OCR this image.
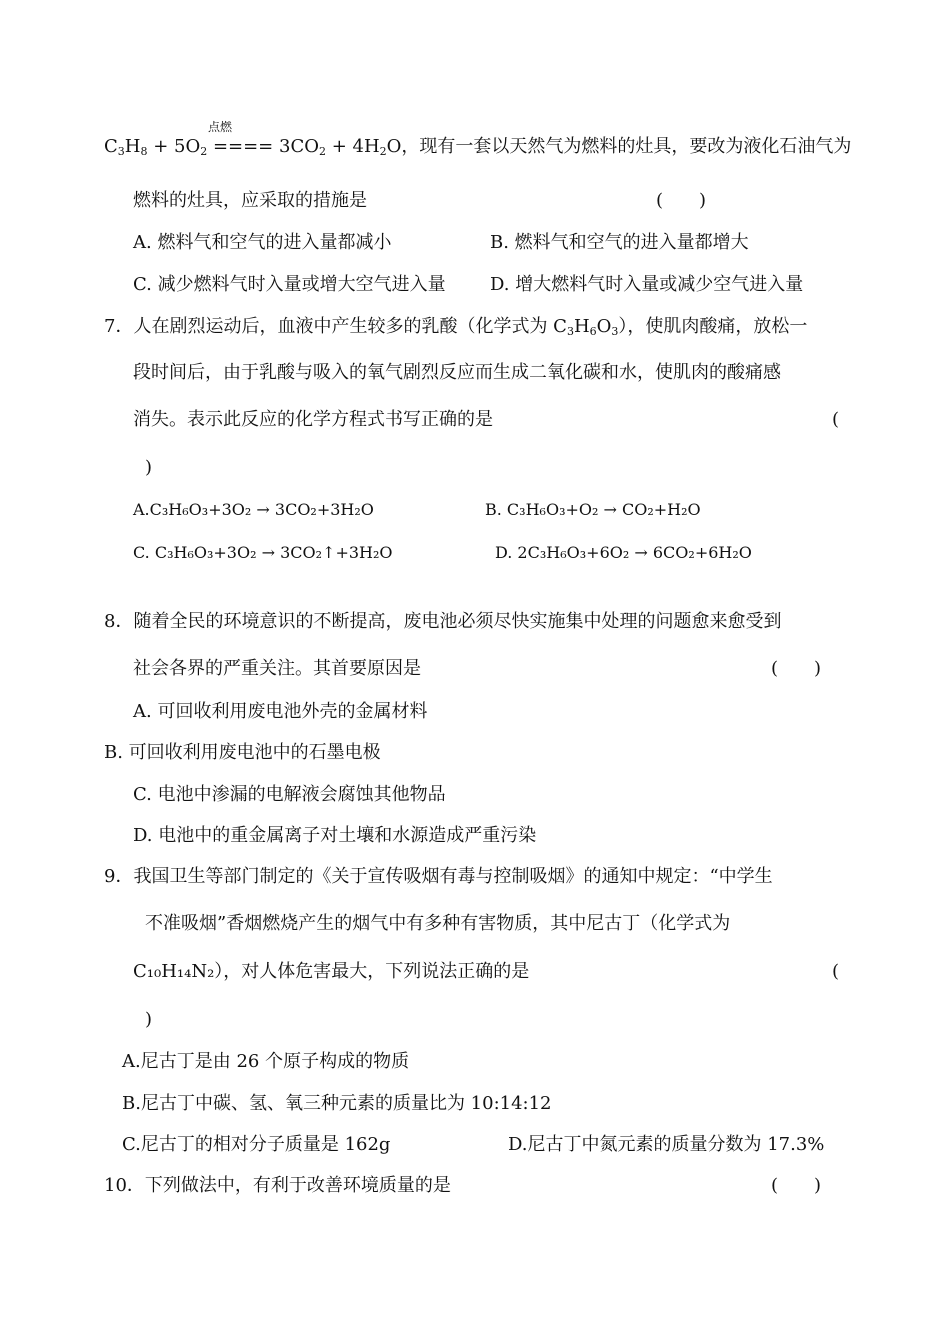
点燃
$C_3H_8 + 5O_2$ ==== $3CO_2 + 4H_2O$，现有一套以天然气为燃料的灶具，要改为液化石油气为
燃料的灶具，应采取的措施是	(　　)
A. 燃料气和空气的进入量都减小	B. 燃料气和空气的进入量都增大
C. 减少燃料气时入量或增大空气进入量 D. 增大燃料气时入量或减少空气进入量
7．人在剧烈运动后，血液中产生较多的乳酸（化学式为 $C_3H_6O_3$），使肌肉酸痛，放松一
段时间后，由于乳酸与吸入的氧气剧烈反应而生成二氧化碳和水，使肌肉的酸痛感
消失。表示此反应的化学方程式书写正确的是	(
)
A.C₃H₆O₃+3O₂ → 3CO₂+3H₂O	B. C₃H₆O₃+O₂ → CO₂+H₂O
C. C₃H₆O₃+3O₂ → 3CO₂↑+3H₂O	D. 2C₃H₆O₃+6O₂ → 6CO₂+6H₂O
8．随着全民的环境意识的不断提高，废电池必须尽快实施集中处理的问题愈来愈受到
社会各界的严重关注。其首要原因是	(　　)
A. 可回收利用废电池外壳的金属材料
B. 可回收利用废电池中的石墨电极
C. 电池中渗漏的电解液会腐蚀其他物品
D. 电池中的重金属离子对土壤和水源造成严重污染
9．我国卫生等部门制定的《关于宣传吸烟有毒与控制吸烟》的通知中规定：“中学生
不准吸烟”香烟燃烧产生的烟气中有多种有害物质，其中尼古丁（化学式为
C₁₀H₁₄N₂），对人体危害最大，下列说法正确的是	(
)
A.尼古丁是由 26 个原子构成的物质
B.尼古丁中碳、氢、氧三种元素的质量比为 10:14:12
C.尼古丁的相对分子质量是 162g	D.尼古丁中氮元素的质量分数为 17.3%
10．下列做法中，有利于改善环境质量的是	(　　)
